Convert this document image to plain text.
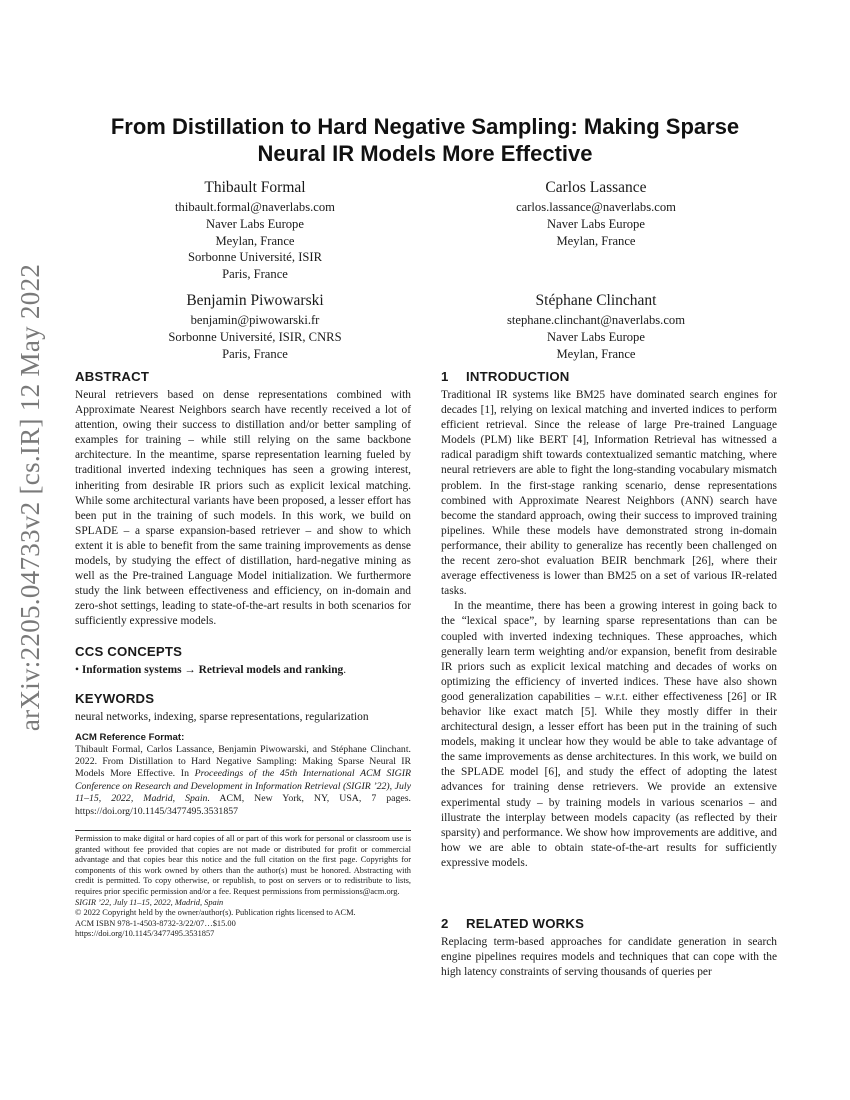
arXiv:2205.04733v2 [cs.IR] 12 May 2022
From Distillation to Hard Negative Sampling: Making Sparse Neural IR Models More Effective
Thibault Formal
thibault.formal@naverlabs.com
Naver Labs Europe
Meylan, France
Sorbonne Université, ISIR
Paris, France
Carlos Lassance
carlos.lassance@naverlabs.com
Naver Labs Europe
Meylan, France
Benjamin Piwowarski
benjamin@piwowarski.fr
Sorbonne Université, ISIR, CNRS
Paris, France
Stéphane Clinchant
stephane.clinchant@naverlabs.com
Naver Labs Europe
Meylan, France
ABSTRACT

Neural retrievers based on dense representations combined with Approximate Nearest Neighbors search have recently received a lot of attention, owing their success to distillation and/or better sampling of examples for training – while still relying on the same backbone architecture. In the meantime, sparse representation learning fueled by traditional inverted indexing techniques has seen a growing interest, inheriting from desirable IR priors such as explicit lexical matching. While some architectural variants have been proposed, a lesser effort has been put in the training of such models. In this work, we build on SPLADE – a sparse expansion-based retriever – and show to which extent it is able to benefit from the same training improvements as dense models, by studying the effect of distillation, hard-negative mining as well as the Pre-trained Language Model initialization. We furthermore study the link between effectiveness and efficiency, on in-domain and zero-shot settings, leading to state-of-the-art results in both scenarios for sufficiently expressive models.

CCS CONCEPTS
• Information systems → Retrieval models and ranking.
KEYWORDS

neural networks, indexing, sparse representations, regularization

ACM Reference Format:

Thibault Formal, Carlos Lassance, Benjamin Piwowarski, and Stéphane Clinchant. 2022. From Distillation to Hard Negative Sampling: Making Sparse Neural IR Models More Effective. In Proceedings of the 45th International ACM SIGIR Conference on Research and Development in Information Retrieval (SIGIR ’22), July 11–15, 2022, Madrid, Spain. ACM, New York, NY, USA, 7 pages. https://doi.org/10.1145/3477495.3531857

Permission to make digital or hard copies of all or part of this work for personal or classroom use is granted without fee provided that copies are not made or distributed for profit or commercial advantage and that copies bear this notice and the full citation on the first page. Copyrights for components of this work owned by others than the author(s) must be honored. Abstracting with credit is permitted. To copy otherwise, or republish, to post on servers or to redistribute to lists, requires prior specific permission and/or a fee. Request permissions from permissions@acm.org.

SIGIR ’22, July 11–15, 2022, Madrid, Spain

© 2022 Copyright held by the owner/author(s). Publication rights licensed to ACM.

ACM ISBN 978-1-4503-8732-3/22/07…$15.00

https://doi.org/10.1145/3477495.3531857

1 INTRODUCTION

Traditional IR systems like BM25 have dominated search engines for decades [1], relying on lexical matching and inverted indices to perform efficient retrieval. Since the release of large Pre-trained Language Models (PLM) like BERT [4], Information Retrieval has witnessed a radical paradigm shift towards contextualized semantic matching, where neural retrievers are able to fight the long-standing vocabulary mismatch problem. In the first-stage ranking scenario, dense representations combined with Approximate Nearest Neighbors (ANN) search have become the standard approach, owing their success to improved training pipelines. While these models have demonstrated strong in-domain performance, their ability to generalize has recently been challenged on the recent zero-shot evaluation BEIR benchmark [26], where their average effectiveness is lower than BM25 on a set of various IR-related tasks.

In the meantime, there has been a growing interest in going back to the “lexical space”, by learning sparse representations than can be coupled with inverted indexing techniques. These approaches, which generally learn term weighting and/or expansion, benefit from desirable IR priors such as explicit lexical matching and decades of works on optimizing the efficiency of inverted indices. These have also shown good generalization capabilities – w.r.t. either effectiveness [26] or IR behavior like exact match [5]. While they mostly differ in their architectural design, a lesser effort has been put in the training of such models, making it unclear how they would be able to take advantage of the same improvements as dense architectures. In this work, we build on the SPLADE model [6], and study the effect of adopting the latest advances for training dense retrievers. We provide an extensive experimental study – by training models in various scenarios – and illustrate the interplay between models capacity (as reflected by their sparsity) and performance. We show how improvements are additive, and how we are able to obtain state-of-the-art results for sufficiently expressive models.

2 RELATED WORKS

Replacing term-based approaches for candidate generation in search engine pipelines requires models and techniques that can cope with the high latency constraints of serving thousands of queries per
